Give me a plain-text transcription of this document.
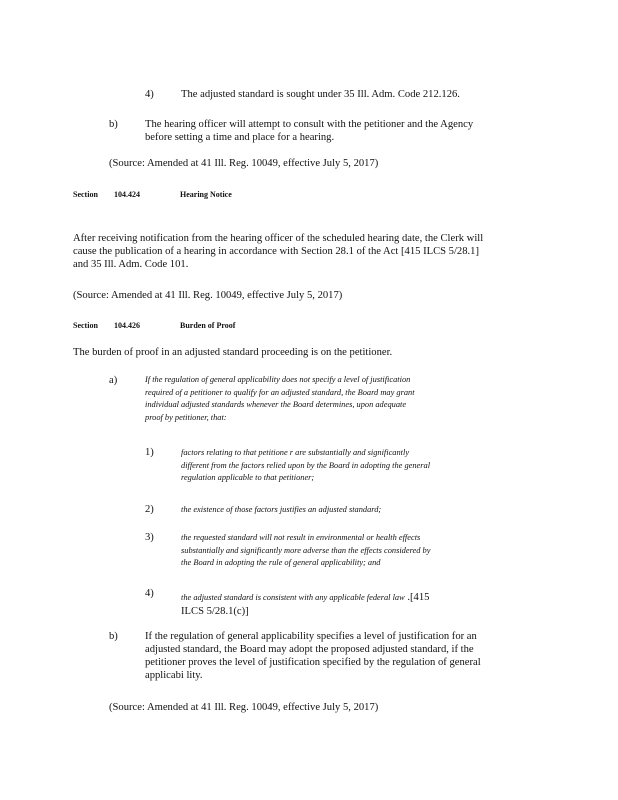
4)	The adjusted standard is sought under 35 Ill. Adm. Code 212.126.
b)	The hearing officer will attempt to consult with the petitioner and the Agency
before setting a time and place for a hearing.
(Source: Amended at 41 Ill. Reg. 10049, effective July 5, 2017)
Section 104.424	Hearing Notice
After receiving notification from the hearing officer of the scheduled hearing date, the Clerk will
cause the publication of a hearing in accordance with Section 28.1 of the Act [415 ILCS 5/28.1]
and 35 Ill. Adm. Code 101.
(Source: Amended at 41 Ill. Reg. 10049, effective July 5, 2017)
Section 104.426	Burden of Proof
The burden of proof in an adjusted standard proceeding is on the petitioner.
a)	If the regulation of general applicability does not specify a level of justification
required of a petitioner to qualify for an adjusted standard, the Board may grant
individual adjusted standards whenever the Board determines, upon adequate
proof by petitioner, that:
1)	factors relating to that petitione r are substantially and significantly
different from the factors relied upon by the Board in adopting the general
regulation applicable to that petitioner;
2)	the existence of those factors justifies an adjusted standard;
3)	the requested standard will not result in environmental or health effects
substantially and significantly more adverse than the effects considered by
the Board in adopting the rule of general applicability; and
4)	the adjusted standard is consistent with any applicable federal law .[415
ILCS 5/28.1(c)]
b)	If the regulation of general applicability specifies a level of justification for an
adjusted standard, the Board may adopt the proposed adjusted standard, if the
petitioner proves the level of justification specified by the regulation of general
applicabi lity.
(Source: Amended at 41 Ill. Reg. 10049, effective July 5, 2017)
